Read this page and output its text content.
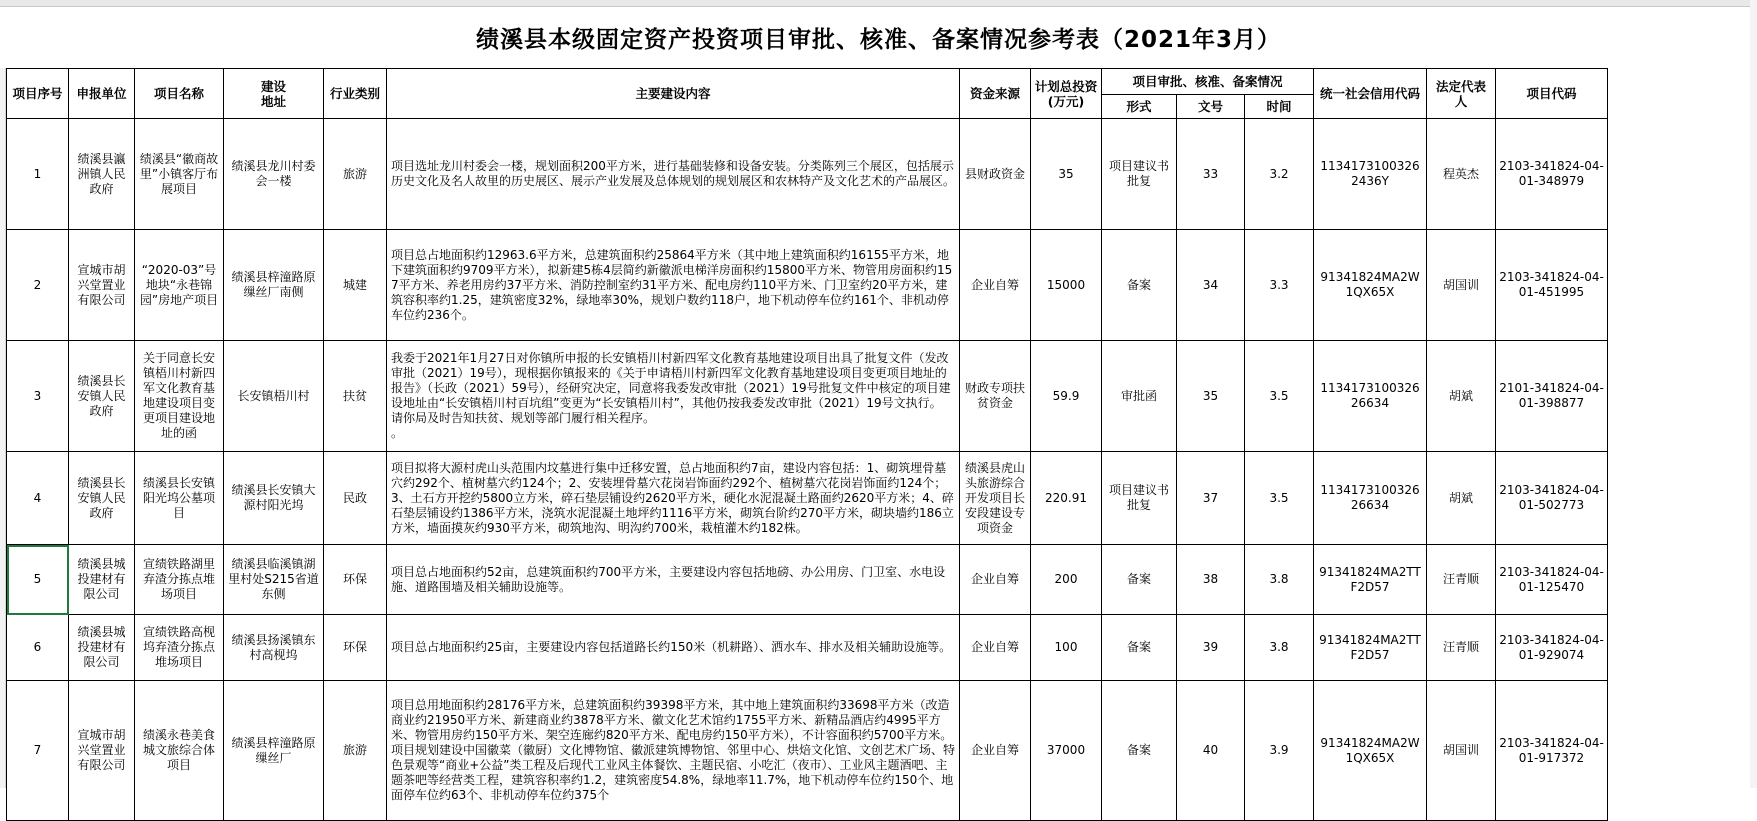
绩溪县本级固定资产投资项目审批、核准、备案情况参考表（2021年3月）
项目序号	申报单位	项目名称	建设
地址	行业类别	主要建设内容	资金来源	计划总投资
(万元)	项目审批、核准、备案情况			统一社会信用代码	法定代表人	项目代码
								形式	文号	时间			
1	绩溪县瀛洲镇人民政府	绩溪县“徽商故里”小镇客厅布展项目	绩溪县龙川村委会一楼	旅游	项目选址龙川村委会一楼，规划面积200平方米，进行基础装修和设备安装。分类陈列三个展区，包括展示历史文化及名人故里的历史展区、展示产业发展及总体规划的规划展区和农林特产及文化艺术的产品展区。	县财政资金	35	项目建议书批复	33	3.2	11341731003262436Y	程英杰	2103-341824-04-01-348979
2	宣城市胡兴堂置业有限公司	“2020-03”号地块“永巷锦园”房地产项目	绩溪县梓潼路原缫丝厂南侧	城建	项目总占地面积约12963.6平方米，总建筑面积约25864平方米（其中地上建筑面积约16155平方米，地下建筑面积约9709平方米），拟新建5栋4层简约新徽派电梯洋房面积约15800平方米、物管用房面积约157平方米、养老用房约37平方米、消防控制室约31平方米、配电房约110平方米、门卫室约20平方米，建筑容积率约1.25，建筑密度32%，绿地率30%，规划户数约118户，地下机动停车位约161个、非机动停车位约236个。	企业自筹	15000	备案	34	3.3	91341824MA2W1QX65X	胡国训	2103-341824-04-01-451995
3	绩溪县长安镇人民政府	关于同意长安镇梧川村新四军文化教育基地建设项目变更项目建设地址的函	长安镇梧川村	扶贫	我委于2021年1月27日对你镇所申报的长安镇梧川村新四军文化教育基地建设项目出具了批复文件（发改审批（2021）19号），现根据你镇报来的《关于申请梧川村新四军文化教育基地建设项目变更项目地址的报告》（长政（2021）59号），经研究决定，同意将我委发改审批（2021）19号批复文件中核定的项目建设地址由“长安镇梧川村百坑组”变更为“长安镇梧川村”，其他仍按我委发改审批（2021）19号文执行。
请你局及时告知扶贫、规划等部门履行相关程序。
。	财政专项扶贫资金	59.9	审批函	35	3.5	113417310032626634	胡斌	2101-341824-04-01-398877
4	绩溪县长安镇人民政府	绩溪县长安镇阳光坞公墓项目	绩溪县长安镇大源村阳光坞	民政	项目拟将大源村虎山头范围内坟墓进行集中迁移安置，总占地面积约7亩，建设内容包括：1、砌筑埋骨墓穴约292个、植树墓穴约124个；2、安装埋骨墓穴花岗岩饰面约292个、植树墓穴花岗岩饰面约124个；3、土石方开挖约5800立方米，碎石垫层铺设约2620平方米，硬化水泥混凝土路面约2620平方米；4、碎石垫层铺设约1386平方米，浇筑水泥混凝土地坪约1116平方米，砌筑台阶约270平方米，砌块墙约186立方米，墙面摸灰约930平方米，砌筑地沟、明沟约700米，栽植灌木约182株。	绩溪县虎山头旅游综合开发项目长安段建设专项资金	220.91	项目建议书批复	37	3.5	113417310032626634	胡斌	2103-341824-04-01-502773
5	绩溪县城投建材有限公司	宣绩铁路湖里弃渣分拣点堆场项目	绩溪县临溪镇湖里村处S215省道东侧	环保	项目总占地面积约52亩，总建筑面积约700平方米，主要建设内容包括地磅、办公用房、门卫室、水电设施、道路围墙及相关辅助设施等。	企业自筹	200	备案	38	3.8	91341824MA2TTF2D57	汪青顺	2103-341824-04-01-125470
6	绩溪县城投建材有限公司	宣绩铁路高枧坞弃渣分拣点堆场项目	绩溪县扬溪镇东村高枧坞	环保	项目总占地面积约25亩，主要建设内容包括道路长约150米（机耕路）、洒水车、排水及相关辅助设施等。	企业自筹	100	备案	39	3.8	91341824MA2TTF2D57	汪青顺	2103-341824-04-01-929074
7	宣城市胡兴堂置业有限公司	绩溪永巷美食城文旅综合体项目	绩溪县梓潼路原缫丝厂	旅游	项目总用地面积约28176平方米，总建筑面积约39398平方米，其中地上建筑面积约33698平方米（改造商业约21950平方米、新建商业约3878平方米、徽文化艺术馆约1755平方米、新精品酒店约4995平方米、物管用房约150平方米、架空连廊约820平方米、配电房约150平方米），不计容面积约5700平方米。项目规划建设中国徽菜（徽厨）文化博物馆、徽派建筑博物馆、邻里中心、烘焙文化馆、文创艺术广场、特色景观等“商业+公益”类工程及后现代工业风主体餐饮、主题民宿、小吃汇（夜市）、工业风主题酒吧、主题茶吧等经营类工程，建筑容积率约1.2，建筑密度54.8%，绿地率11.7%，地下机动停车位约150个、地面停车位约63个、非机动停车位约375个	企业自筹	37000	备案	40	3.9	91341824MA2W1QX65X	胡国训	2103-341824-04-01-917372
